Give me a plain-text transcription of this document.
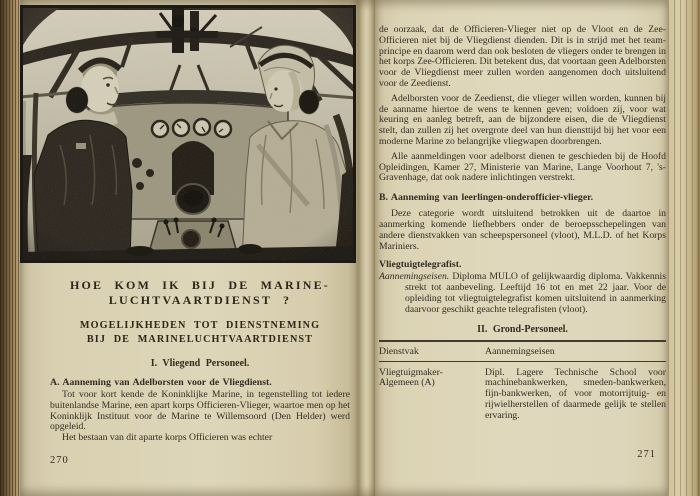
HOE KOM IK BIJ DE MARINE-
LUCHTVAARTDIENST ?
MOGELIJKHEDEN TOT DIENSTNEMING
BIJ DE MARINELUCHTVAARTDIENST
I. Vliegend Personeel.
A. Aanneming van Adelborsten voor de Vliegdienst.

Tot voor kort kende de Koninklijke Marine, in tegenstelling tot iedere buitenlandse Marine, een apart korps Officieren-Vlieger, waartoe men op het Koninklijk Instituut voor de Marine te Willemsoord (Den Helder) werd opgeleid.

Het bestaan van dit aparte korps Officieren was echter

270

de oorzaak, dat de Officieren-Vlieger niet op de Vloot en de Zee-Officieren niet bij de Vliegdienst dienden. Dit is in strijd met het team-principe en daarom werd dan ook besloten de vliegers onder te brengen in het korps Zee-Officieren. Dit betekent dus, dat voortaan geen Adelborsten voor de Vliegdienst meer zullen worden aangenomen doch uitsluitend voor de Zeedienst.

Adelborsten voor de Zeedienst, die vlieger willen worden, kunnen bij de aanname hiertoe de wens te kennen geven; voldoen zij, voor wat keuring en aanleg betreft, aan de bijzondere eisen, die de Vliegdienst stelt, dan zullen zij het overgrote deel van hun diensttijd bij het voor een moderne Marine zo belangrijke vliegwapen doorbrengen.

Alle aanmeldingen voor adelborst dienen te geschieden bij de Hoofd Opleidingen, Kamer 27, Ministerie van Marine, Lange Voorhout 7, 's-Gravenhage, dat ook nadere inlichtingen verstrekt.

B. Aanneming van leerlingen-onderofficier-vlieger.

Deze categorie wordt uitsluitend betrokken uit de daartoe in aanmerking komende liefhebbers onder de beroepsschepelingen van andere dienstvakken van scheepspersoneel (vloot), M.L.D. of het Korps Mariniers.

Vliegtuigtelegrafist.

Aannemingseisen. Diploma MULO of gelijkwaardig diploma. Vakkennis strekt tot aanbeveling. Leeftijd 16 tot en met 22 jaar. Voor de opleiding tot vliegtuigtelegrafist komen uitsluitend in aanmerking daarvoor geschikt geachte telegrafisten (vloot).

II. Grond-Personeel.
Dienstvak	Aannemingseisen
Vliegtuigmaker-Algemeen (A)
Dipl. Lagere Technische School voor machinebankwerken, smeden-bankwerken, fijn-bankwerken, of voor motorrijtuig- en rijwielherstellen of daarmede gelijk te stellen ervaring.
271
